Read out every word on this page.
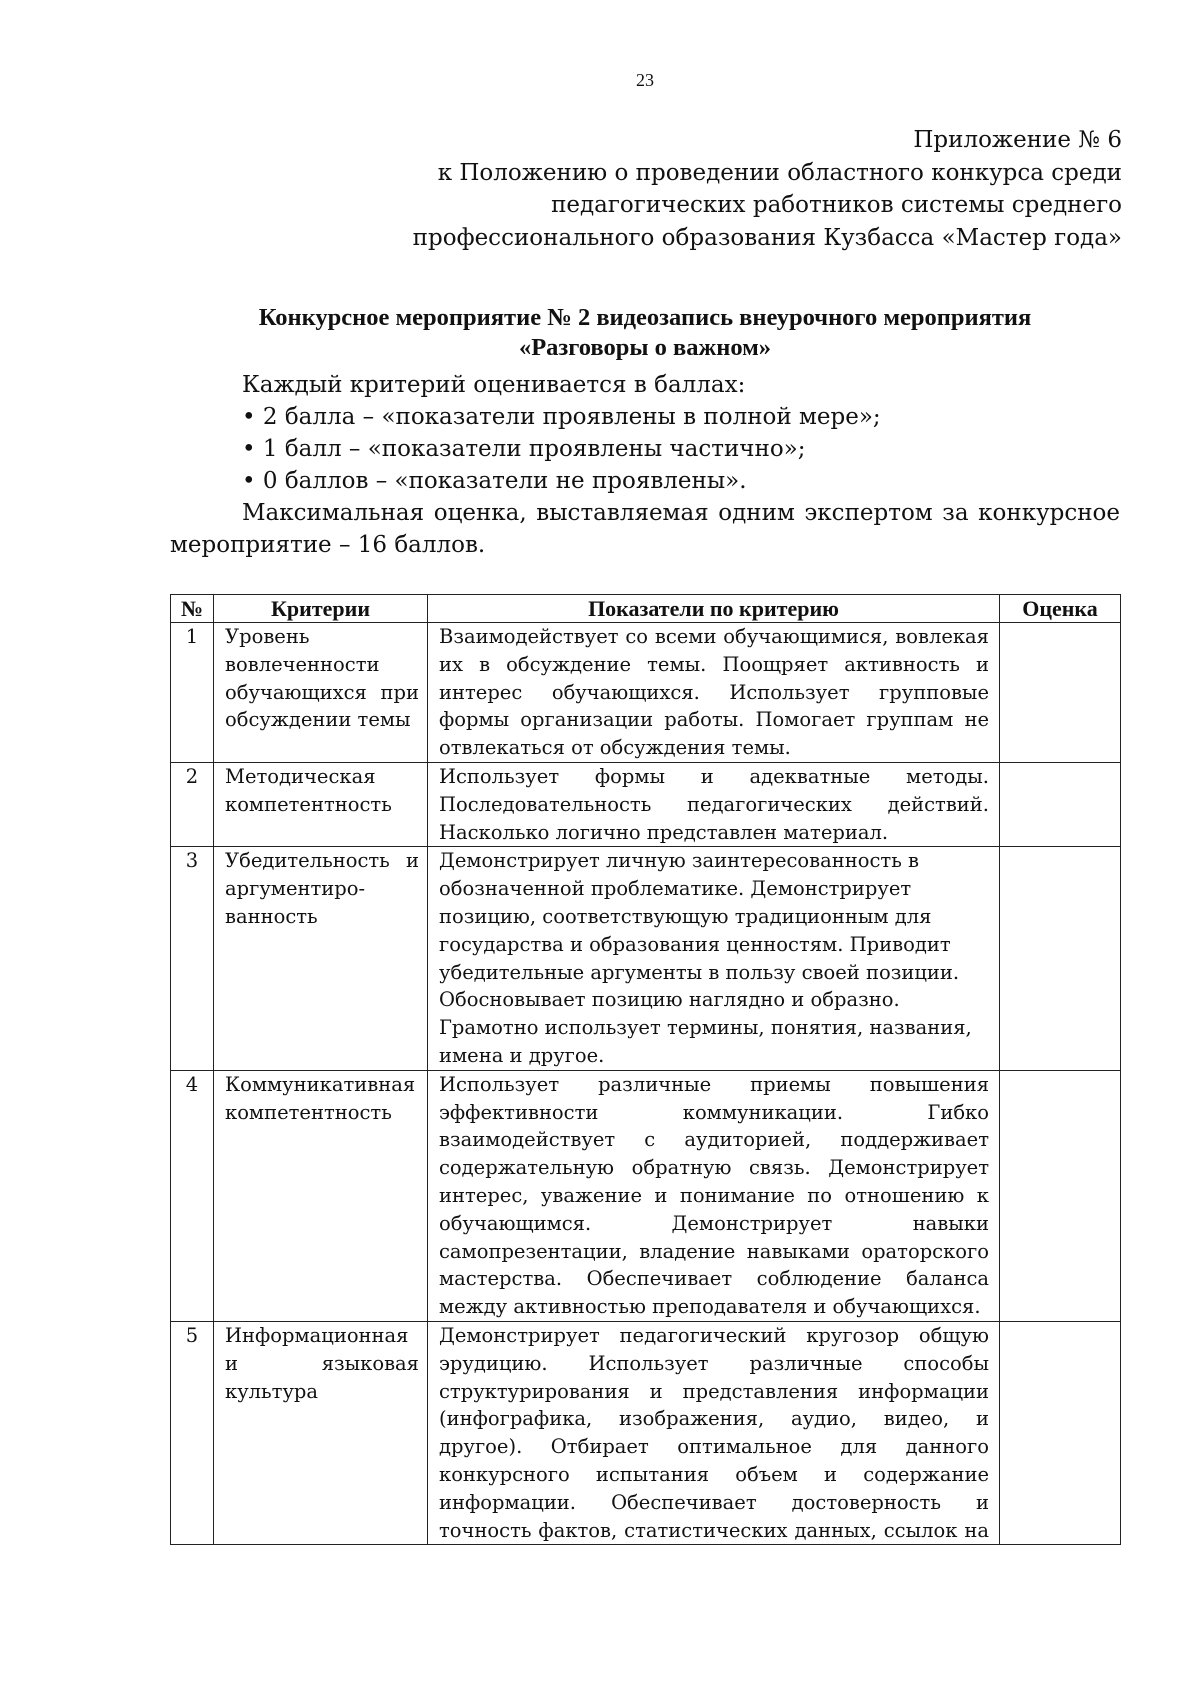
23
Приложение № 6
к Положению о проведении областного конкурса среди
педагогических работников системы среднего
профессионального образования Кузбасса «Мастер года»
Конкурсное мероприятие № 2 видеозапись внеурочного мероприятия
«Разговоры о важном»
Каждый критерий оценивается в баллах:
• 2 балла – «показатели проявлены в полной мере»;
• 1 балл – «показатели проявлены частично»;
• 0 баллов – «показатели не проявлены».
Максимальная оценка, выставляемая одним экспертом за конкурсное
мероприятие – 16 баллов.
№	Критерии	Показатели по критерию	Оценка
1	Уровень вовлеченности обучающихся при обсуждении темы	Взаимодействует со всеми обучающимися, вовлекая их в обсуждение темы. Поощряет активность и интерес обучающихся. Использует групповые формы организации работы. Помогает группам не отвлекаться от обсуждения темы.	
2	Методическая компетентность	Использует формы и адекватные методы. Последовательность педагогических действий. Насколько логично представлен материал.	
3	Убедительность и аргументиро-ванность	Демонстрирует личную заинтересованность в обозначенной проблематике. Демонстрирует позицию, соответствующую традиционным для государства и образования ценностям. Приводит убедительные аргументы в пользу своей позиции. Обосновывает позицию наглядно и образно. Грамотно использует термины, понятия, названия, имена и другое.	
4	Коммуникативная компетентность	Использует различные приемы повышения эффективности коммуникации. Гибко взаимодействует с аудиторией, поддерживает содержательную обратную связь. Демонстрирует интерес, уважение и понимание по отношению к обучающимся. Демонстрирует навыки самопрезентации, владение навыками ораторского мастерства. Обеспечивает соблюдение баланса между активностью преподавателя и обучающихся.	
5	Информационная и языковая культура	Демонстрирует педагогический кругозор общую эрудицию. Использует различные способы структурирования и представления информации (инфографика, изображения, аудио, видео, и другое). Отбирает оптимальное для данного конкурсного испытания объем и содержание информации. Обеспечивает достоверность и точность фактов, статистических данных, ссылок на	
